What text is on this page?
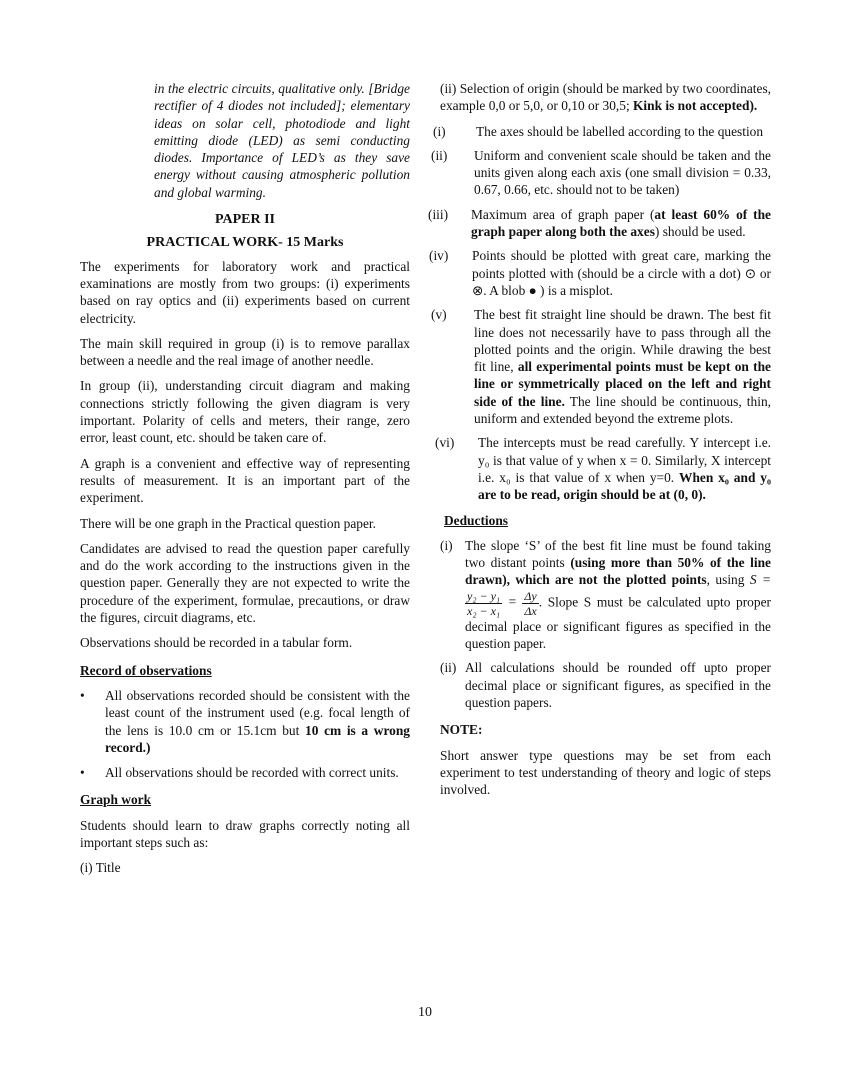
in the electric circuits, qualitative only. [Bridge rectifier of 4 diodes not included]; elementary ideas on solar cell, photodiode and light emitting diode (LED) as semi conducting diodes. Importance of LED’s as they save energy without causing atmospheric pollution and global warming.

PAPER II
PRACTICAL WORK- 15 Marks

The experiments for laboratory work and practical examinations are mostly from two groups: (i) experiments based on ray optics and (ii) experiments based on current electricity.

The main skill required in group (i) is to remove parallax between a needle and the real image of another needle.

In group (ii), understanding circuit diagram and making connections strictly following the given diagram is very important. Polarity of cells and meters, their range, zero error, least count, etc. should be taken care of.

A graph is a convenient and effective way of representing results of measurement. It is an important part of the experiment.

There will be one graph in the Practical question paper.

Candidates are advised to read the question paper carefully and do the work according to the instructions given in the question paper. Generally they are not expected to write the procedure of the experiment, formulae, precautions, or draw the figures, circuit diagrams, etc.

Observations should be recorded in a tabular form.

Record of observations
•	All observations recorded should be consistent with the least count of the instrument used (e.g. focal length of the lens is 10.0 cm or 15.1cm but 10 cm is a wrong record.)
•	All observations should be recorded with correct units.
Graph work

Students should learn to draw graphs correctly noting all important steps such as:

(i) Title

(ii) Selection of origin (should be marked by two coordinates, example 0,0 or 5,0, or 0,10 or 30,5; Kink is not accepted).

(i)	The axes should be labelled according to the question
(ii)	Uniform and convenient scale should be taken and the units given along each axis (one small division = 0.33, 0.67, 0.66, etc. should not to be taken)
(iii)	Maximum area of graph paper (at least 60% of the graph paper along both the axes) should be used.
(iv)	Points should be plotted with great care, marking the points plotted with (should be a circle with a dot) ⊙ or ⊗. A blob ● ) is a misplot.
(v)	The best fit straight line should be drawn. The best fit line does not necessarily have to pass through all the plotted points and the origin. While drawing the best fit line, all experimental points must be kept on the line or symmetrically placed on the left and right side of the line. The line should be continuous, thin, uniform and extended beyond the extreme plots.
(vi)	The intercepts must be read carefully. Y intercept i.e. y₀ is that value of y when x = 0. Similarly, X intercept i.e. x₀ is that value of x when y=0. When x₀ and y₀ are to be read, origin should be at (0, 0).
Deductions
(i) The slope ‘S’ of the best fit line must be found taking two distant points (using more than 50% of the line drawn), which are not the plotted points, using S =
$\frac{\text{y₂ − y₁}}{\text{x₂ − x₁}} = \frac{\Delta y}{\Delta x}$ . Slope S must be calculated upto proper decimal place or significant figures as specified in the question paper.
(ii) All calculations should be rounded off upto proper decimal place or significant figures, as specified in the question papers.
NOTE:

Short answer type questions may be set from each experiment to test understanding of theory and logic of steps involved.

10
